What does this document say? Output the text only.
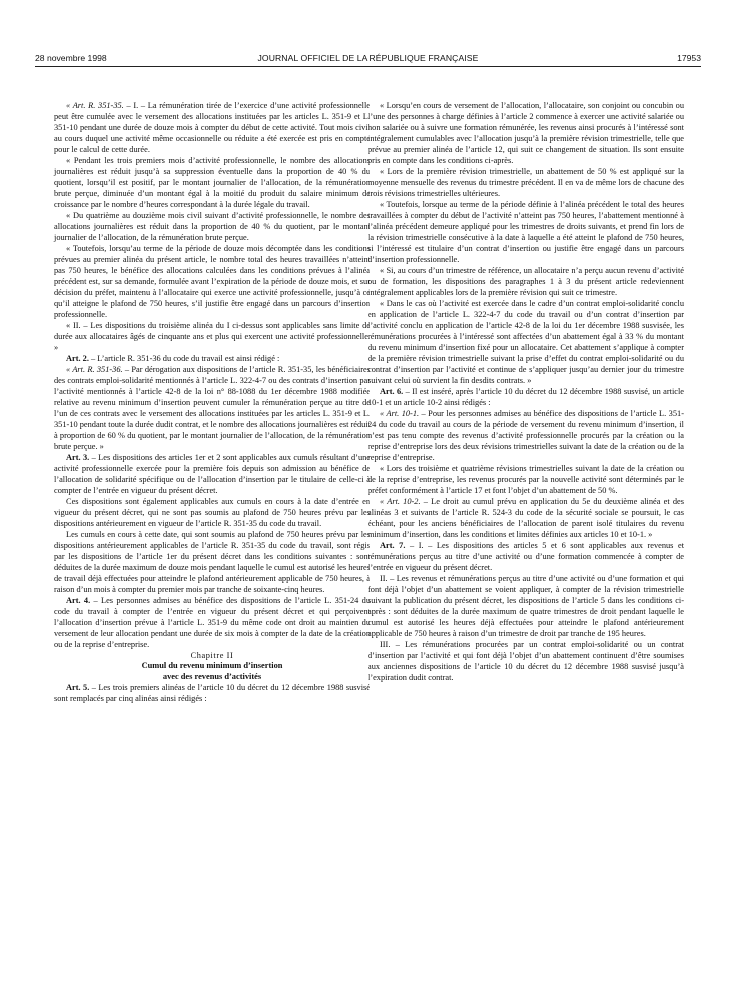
28 novembre 1998	JOURNAL OFFICIEL DE LA RÉPUBLIQUE FRANÇAISE	17953

« Art. R. 351-35. – I. – La rémunération tirée de l’exercice d’une activité professionnelle peut être cumulée avec le versement des allocations instituées par les articles L. 351-9 et L. 351-10 pendant une durée de douze mois à compter du début de cette activité. Tout mois civil au cours duquel une activité même occasionnelle ou réduite a été exercée est pris en compte pour le calcul de cette durée.

« Pendant les trois premiers mois d’activité professionnelle, le nombre des allocations journalières est réduit jusqu’à sa suppression éventuelle dans la proportion de 40 % du quotient, lorsqu’il est positif, par le montant journalier de l’allocation, de la rémunération brute perçue, diminuée d’un montant égal à la moitié du produit du salaire minimum de croissance par le nombre d’heures correspondant à la durée légale du travail.

« Du quatrième au douzième mois civil suivant d’activité professionnelle, le nombre des allocations journalières est réduit dans la proportion de 40 % du quotient, par le montant journalier de l’allocation, de la rémunération brute perçue.

« Toutefois, lorsqu’au terme de la période de douze mois décomptée dans les conditions prévues au premier alinéa du présent article, le nombre total des heures travaillées n’atteint pas 750 heures, le bénéfice des allocations calculées dans les conditions prévues à l’alinéa précédent est, sur sa demande, formulée avant l’expiration de la période de douze mois, et sur décision du préfet, maintenu à l’allocataire qui exerce une activité professionnelle, jusqu’à ce qu’il atteigne le plafond de 750 heures, s’il justifie être engagé dans un parcours d’insertion professionnelle.

« II. – Les dispositions du troisième alinéa du I ci-dessus sont applicables sans limite de durée aux allocataires âgés de cinquante ans et plus qui exercent une activité professionnelle. »

Art. 2. – L’article R. 351-36 du code du travail est ainsi rédigé :

« Art. R. 351-36. – Par dérogation aux dispositions de l’article R. 351-35, les bénéficiaires des contrats emploi-solidarité mentionnés à l’article L. 322-4-7 ou des contrats d’insertion par l’activité mentionnés à l’article 42-8 de la loi n° 88-1088 du 1er décembre 1988 modifiée relative au revenu minimum d’insertion peuvent cumuler la rémunération perçue au titre de l’un de ces contrats avec le versement des allocations instituées par les articles L. 351-9 et L. 351-10 pendant toute la durée dudit contrat, et le nombre des allocations journalières est réduit à proportion de 60 % du quotient, par le montant journalier de l’allocation, de la rémunération brute perçue. »

Art. 3. – Les dispositions des articles 1er et 2 sont applicables aux cumuls résultant d’une activité professionnelle exercée pour la première fois depuis son admission au bénéfice de l’allocation de solidarité spécifique ou de l’allocation d’insertion par le titulaire de celle-ci à compter de l’entrée en vigueur du présent décret.

Ces dispositions sont également applicables aux cumuls en cours à la date d’entrée en vigueur du présent décret, qui ne sont pas soumis au plafond de 750 heures prévu par les dispositions antérieurement en vigueur de l’article R. 351-35 du code du travail.

Les cumuls en cours à cette date, qui sont soumis au plafond de 750 heures prévu par les dispositions antérieurement applicables de l’article R. 351-35 du code du travail, sont régis par les dispositions de l’article 1er du présent décret dans les conditions suivantes : sont déduites de la durée maximum de douze mois pendant laquelle le cumul est autorisé les heures de travail déjà effectuées pour atteindre le plafond antérieurement applicable de 750 heures, à raison d’un mois à compter du premier mois par tranche de soixante-cinq heures.

Art. 4. – Les personnes admises au bénéfice des dispositions de l’article L. 351-24 du code du travail à compter de l’entrée en vigueur du présent décret et qui perçoivent l’allocation d’insertion prévue à l’article L. 351-9 du même code ont droit au maintien du versement de leur allocation pendant une durée de six mois à compter de la date de la création ou de la reprise d’entreprise.

Chapitre II

Cumul du revenu minimum d’insertion
avec des revenus d’activités

Art. 5. – Les trois premiers alinéas de l’article 10 du décret du 12 décembre 1988 susvisé sont remplacés par cinq alinéas ainsi rédigés :

« Lorsqu’en cours de versement de l’allocation, l’allocataire, son conjoint ou concubin ou l’une des personnes à charge définies à l’article 2 commence à exercer une activité salariée ou non salariée ou à suivre une formation rémunérée, les revenus ainsi procurés à l’intéressé sont intégralement cumulables avec l’allocation jusqu’à la première révision trimestrielle, telle que prévue au premier alinéa de l’article 12, qui suit ce changement de situation. Ils sont ensuite pris en compte dans les conditions ci-après.

« Lors de la première révision trimestrielle, un abattement de 50 % est appliqué sur la moyenne mensuelle des revenus du trimestre précédent. Il en va de même lors de chacune des trois révisions trimestrielles ultérieures.

« Toutefois, lorsque au terme de la période définie à l’alinéa précédent le total des heures travaillées à compter du début de l’activité n’atteint pas 750 heures, l’abattement mentionné à l’alinéa précédent demeure appliqué pour les trimestres de droits suivants, et prend fin lors de la révision trimestrielle consécutive à la date à laquelle a été atteint le plafond de 750 heures, si l’intéressé est titulaire d’un contrat d’insertion ou justifie être engagé dans un parcours d’insertion professionnelle.

« Si, au cours d’un trimestre de référence, un allocataire n’a perçu aucun revenu d’activité ou de formation, les dispositions des paragraphes 1 à 3 du présent article redeviennent intégralement applicables lors de la première révision qui suit ce trimestre.

« Dans le cas où l’activité est exercée dans le cadre d’un contrat emploi-solidarité conclu en application de l’article L. 322-4-7 du code du travail ou d’un contrat d’insertion par l’activité conclu en application de l’article 42-8 de la loi du 1er décembre 1988 susvisée, les rémunérations procurées à l’intéressé sont affectées d’un abattement égal à 33 % du montant du revenu minimum d’insertion fixé pour un allocataire. Cet abattement s’applique à compter de la première révision trimestrielle suivant la prise d’effet du contrat emploi-solidarité ou du contrat d’insertion par l’activité et continue de s’appliquer jusqu’au dernier jour du trimestre suivant celui où survient la fin desdits contrats. »

Art. 6. – Il est inséré, après l’article 10 du décret du 12 décembre 1988 susvisé, un article 10-1 et un article 10-2 ainsi rédigés :

« Art. 10-1. – Pour les personnes admises au bénéfice des dispositions de l’article L. 351-24 du code du travail au cours de la période de versement du revenu minimum d’insertion, il n’est pas tenu compte des revenus d’activité professionnelle procurés par la création ou la reprise d’entreprise lors des deux révisions trimestrielles suivant la date de la création ou de la reprise d’entreprise.

« Lors des troisième et quatrième révisions trimestrielles suivant la date de la création ou de la reprise d’entreprise, les revenus procurés par la nouvelle activité sont déterminés par le préfet conformément à l’article 17 et font l’objet d’un abattement de 50 %.

« Art. 10-2. – Le droit au cumul prévu en application du 5e du deuxième alinéa et des alinéas 3 et suivants de l’article R. 524-3 du code de la sécurité sociale se poursuit, le cas échéant, pour les anciens bénéficiaires de l’allocation de parent isolé titulaires du revenu minimum d’insertion, dans les conditions et limites définies aux articles 10 et 10-1. »

Art. 7. – I. – Les dispositions des articles 5 et 6 sont applicables aux revenus et rémunérations perçus au titre d’une activité ou d’une formation commencée à compter de l’entrée en vigueur du présent décret.

II. – Les revenus et rémunérations perçus au titre d’une activité ou d’une formation et qui font déjà l’objet d’un abattement se voient appliquer, à compter de la révision trimestrielle suivant la publication du présent décret, les dispositions de l’article 5 dans les conditions ci-après : sont déduites de la durée maximum de quatre trimestres de droit pendant laquelle le cumul est autorisé les heures déjà effectuées pour atteindre le plafond antérieurement applicable de 750 heures à raison d’un trimestre de droit par tranche de 195 heures.

III. – Les rémunérations procurées par un contrat emploi-solidarité ou un contrat d’insertion par l’activité et qui font déjà l’objet d’un abattement continuent d’être soumises aux anciennes dispositions de l’article 10 du décret du 12 décembre 1988 susvisé jusqu’à l’expiration dudit contrat.
